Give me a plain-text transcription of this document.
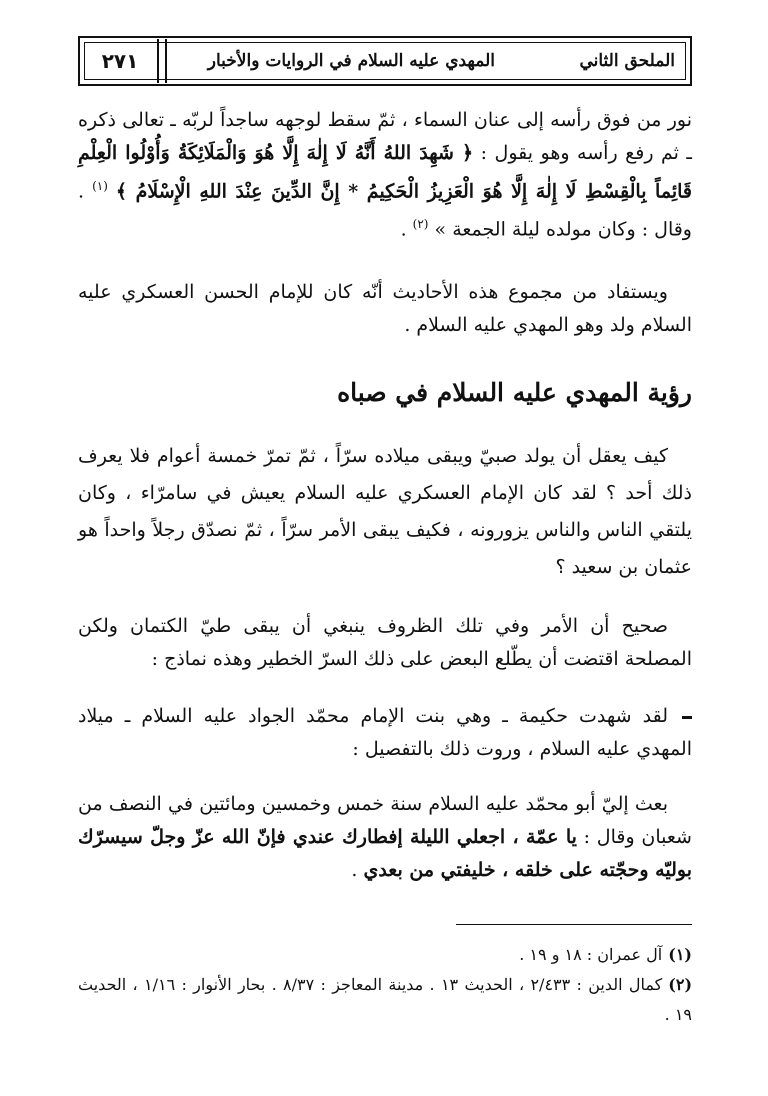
٢٧١	المهدي عليه السلام في الروايات والأخبار	الملحق الثاني

نور من فوق رأسه إلى عنان السماء ، ثمّ سقط لوجهه ساجداً لربّه ـ تعالى ذكره ـ ثم رفع رأسه وهو يقول : ﴿ شَهِدَ اللهُ أَنَّهُ لَا إِلٰهَ إِلَّا هُوَ وَالْمَلَائِكَةُ وَأُوْلُوا الْعِلْمِ قَائِماً بِالْقِسْطِ لَا إِلٰهَ إِلَّا هُوَ الْعَزِيزُ الْحَكِيمُ * إِنَّ الدِّينَ عِنْدَ اللهِ الْإِسْلَامُ ﴾ $^{(١)}$ . وقال : وكان مولده ليلة الجمعة » $^{(٢)}$ .

ويستفاد من مجموع هذه الأحاديث أنّه كان للإمام الحسن العسكري عليه السلام ولد وهو المهدي عليه السلام .

رؤية المهدي عليه السلام في صباه

كيف يعقل أن يولد صبيّ ويبقى ميلاده سرّاً ، ثمّ تمرّ خمسة أعوام فلا يعرف ذلك أحد ؟ لقد كان الإمام العسكري عليه السلام يعيش في سامرّاء ، وكان يلتقي الناس والناس يزورونه ، فكيف يبقى الأمر سرّاً ، ثمّ نصدّق رجلاً واحداً هو عثمان بن سعيد ؟

صحيح أن الأمر وفي تلك الظروف ينبغي أن يبقى طيّ الكتمان ولكن المصلحة اقتضت أن يطّلع البعض على ذلك السرّ الخطير وهذه نماذج :

لقد شهدت حكيمة ـ وهي بنت الإمام محمّد الجواد عليه السلام ـ ميلاد المهدي عليه السلام ، وروت ذلك بالتفصيل :

بعث إليّ أبو محمّد عليه السلام سنة خمس وخمسين ومائتين في النصف من شعبان وقال : يا عمّة ، اجعلي الليلة إفطارك عندي فإنّ الله عزّ وجلّ سيسرّك بوليّه وحجّته على خلقه ، خليفتي من بعدي .

(١)آل عمران : ١٨ و ١٩ .
(٢)كمال الدين : ٢/٤٣٣ ، الحديث ١٣ . مدينة المعاجز : ٨/٣٧ . بحار الأنوار : ١/١٦ ، الحديث ١٩ .
